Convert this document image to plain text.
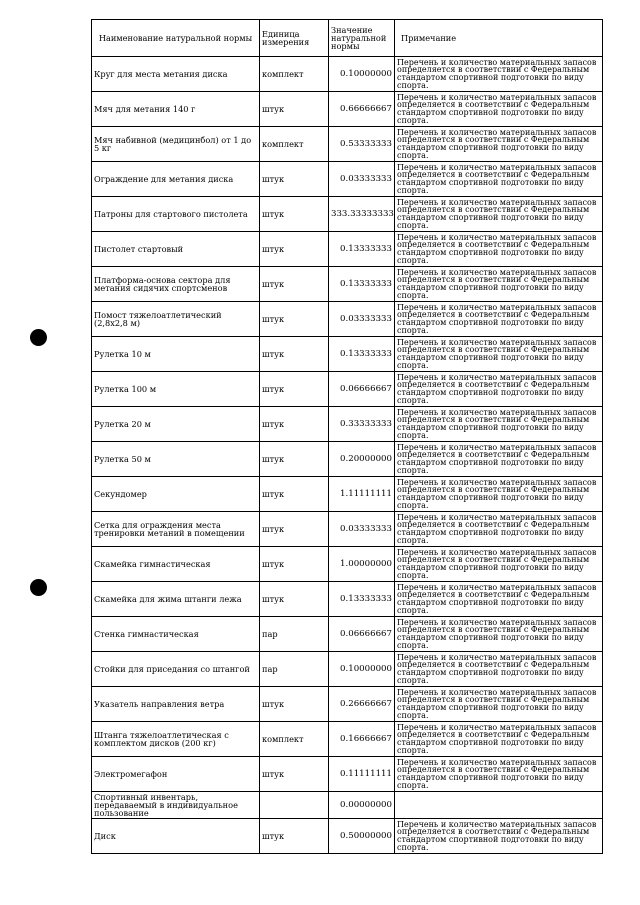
Наименование натуральной нормы	Единица измерения	Значение натуральной нормы	Примечание
Круг для места метания диска	комплект	0.10000000	Перечень и количество материальных запасов определяется в соответствии с Федеральным стандартом спортивной подготовки по виду спорта.
Мяч для метания 140 г	штук	0.66666667	Перечень и количество материальных запасов определяется в соответствии с Федеральным стандартом спортивной подготовки по виду спорта.
Мяч набивной (медицинбол) от 1 до 5 кг	комплект	0.53333333	Перечень и количество материальных запасов определяется в соответствии с Федеральным стандартом спортивной подготовки по виду спорта.
Ограждение для метания диска	штук	0.03333333	Перечень и количество материальных запасов определяется в соответствии с Федеральным стандартом спортивной подготовки по виду спорта.
Патроны для стартового пистолета	штук	333.33333333	Перечень и количество материальных запасов определяется в соответствии с Федеральным стандартом спортивной подготовки по виду спорта.
Пистолет стартовый	штук	0.13333333	Перечень и количество материальных запасов определяется в соответствии с Федеральным стандартом спортивной подготовки по виду спорта.
Платформа-основа сектора для метания сидячих спортсменов	штук	0.13333333	Перечень и количество материальных запасов определяется в соответствии с Федеральным стандартом спортивной подготовки по виду спорта.
Помост тяжелоатлетический (2,8х2,8 м)	штук	0.03333333	Перечень и количество материальных запасов определяется в соответствии с Федеральным стандартом спортивной подготовки по виду спорта.
Рулетка 10 м	штук	0.13333333	Перечень и количество материальных запасов определяется в соответствии с Федеральным стандартом спортивной подготовки по виду спорта.
Рулетка 100 м	штук	0.06666667	Перечень и количество материальных запасов определяется в соответствии с Федеральным стандартом спортивной подготовки по виду спорта.
Рулетка 20 м	штук	0.33333333	Перечень и количество материальных запасов определяется в соответствии с Федеральным стандартом спортивной подготовки по виду спорта.
Рулетка 50 м	штук	0.20000000	Перечень и количество материальных запасов определяется в соответствии с Федеральным стандартом спортивной подготовки по виду спорта.
Секундомер	штук	1.11111111	Перечень и количество материальных запасов определяется в соответствии с Федеральным стандартом спортивной подготовки по виду спорта.
Сетка для ограждения места тренировки метаний в помещении	штук	0.03333333	Перечень и количество материальных запасов определяется в соответствии с Федеральным стандартом спортивной подготовки по виду спорта.
Скамейка гимнастическая	штук	1.00000000	Перечень и количество материальных запасов определяется в соответствии с Федеральным стандартом спортивной подготовки по виду спорта.
Скамейка для жима штанги лежа	штук	0.13333333	Перечень и количество материальных запасов определяется в соответствии с Федеральным стандартом спортивной подготовки по виду спорта.
Стенка гимнастическая	пар	0.06666667	Перечень и количество материальных запасов определяется в соответствии с Федеральным стандартом спортивной подготовки по виду спорта.
Стойки для приседания со штангой	пар	0.10000000	Перечень и количество материальных запасов определяется в соответствии с Федеральным стандартом спортивной подготовки по виду спорта.
Указатель направления ветра	штук	0.26666667	Перечень и количество материальных запасов определяется в соответствии с Федеральным стандартом спортивной подготовки по виду спорта.
Штанга тяжелоатлетическая с комплектом дисков (200 кг)	комплект	0.16666667	Перечень и количество материальных запасов определяется в соответствии с Федеральным стандартом спортивной подготовки по виду спорта.
Электромегафон	штук	0.11111111	Перечень и количество материальных запасов определяется в соответствии с Федеральным стандартом спортивной подготовки по виду спорта.
Спортивный инвентарь, передаваемый в индивидуальное пользование		0.00000000	
Диск	штук	0.50000000	Перечень и количество материальных запасов определяется в соответствии с Федеральным стандартом спортивной подготовки по виду спорта.
